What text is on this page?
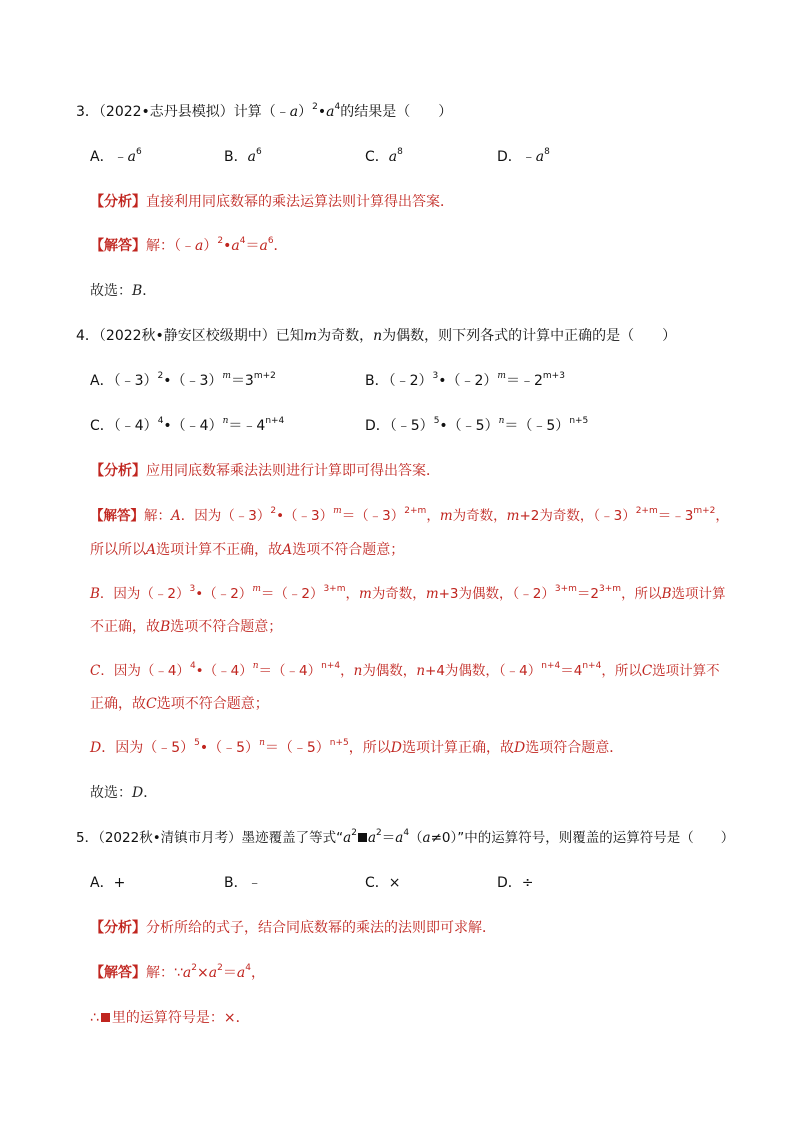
3．（2022•志丹县模拟）计算$(﹣a)^2•a^4$的结果是（　　）
A．$﹣a^6$	B．$a^6$	C．$a^8$	D．$﹣a^8$
【分析】直接利用同底数幂的乘法运算法则计算得出答案．
【解答】解：$(﹣a)^2•a^4=a^6$．
故选：B．
4．（2022秋•静安区校级期中）已知m为奇数，n为偶数，则下列各式的计算中正确的是（　　）
A．$(﹣3)^2•(﹣3)^m=3^{m+2}$	B．$(﹣2)^3•(﹣2)^m=﹣2^{m+3}$
C．$(﹣4)^4•(﹣4)^n=﹣4^{n+4}$	D．（﹣5）$^5$•（﹣5）$^n$＝（﹣5）$^{n+5}$
【分析】应用同底数幂乘法法则进行计算即可得出答案．
【解答】解：A．因为（﹣3）$^2$•（﹣3）$^m$＝（﹣3）$^{2+m}$，m为奇数，m+2为奇数，$(﹣3)^{2+m}=﹣3^{m+2}$，
所以所以A选项计算不正确，故A选项不符合题意；
B．因为（﹣2）$^3$•（﹣2）$^m$＝（﹣2）$^{3+m}$，m为奇数，m+3为偶数，$(﹣2)^{3+m}=2^{3+m}$，所以B选项计算
不正确，故B选项不符合题意；
C．因为（﹣4）$^4$•（﹣4）$^n$＝（﹣4）$^{n+4}$，n为偶数，n+4为偶数，$(﹣4)^{n+4}=4^{n+4}$，所以C选项计算不
正确，故C选项不符合题意；
D．因为（﹣5）$^5$•（﹣5）$^n$＝（﹣5）$^{n+5}$，所以D选项计算正确，故D选项符合题意．
故选：D．
5．（2022秋•清镇市月考）墨迹覆盖了等式“$a^2$ $a^2=a^4(a\ne 0)$”中的运算符号，则覆盖的运算符号是（　　）
A．+	B．﹣	C．×	D．÷
【分析】分析所给的式子，结合同底数幂的乘法的法则即可求解．
【解答】解：$\because a^2\times a^2=a^4$，
∴ 里的运算符号是：×．
